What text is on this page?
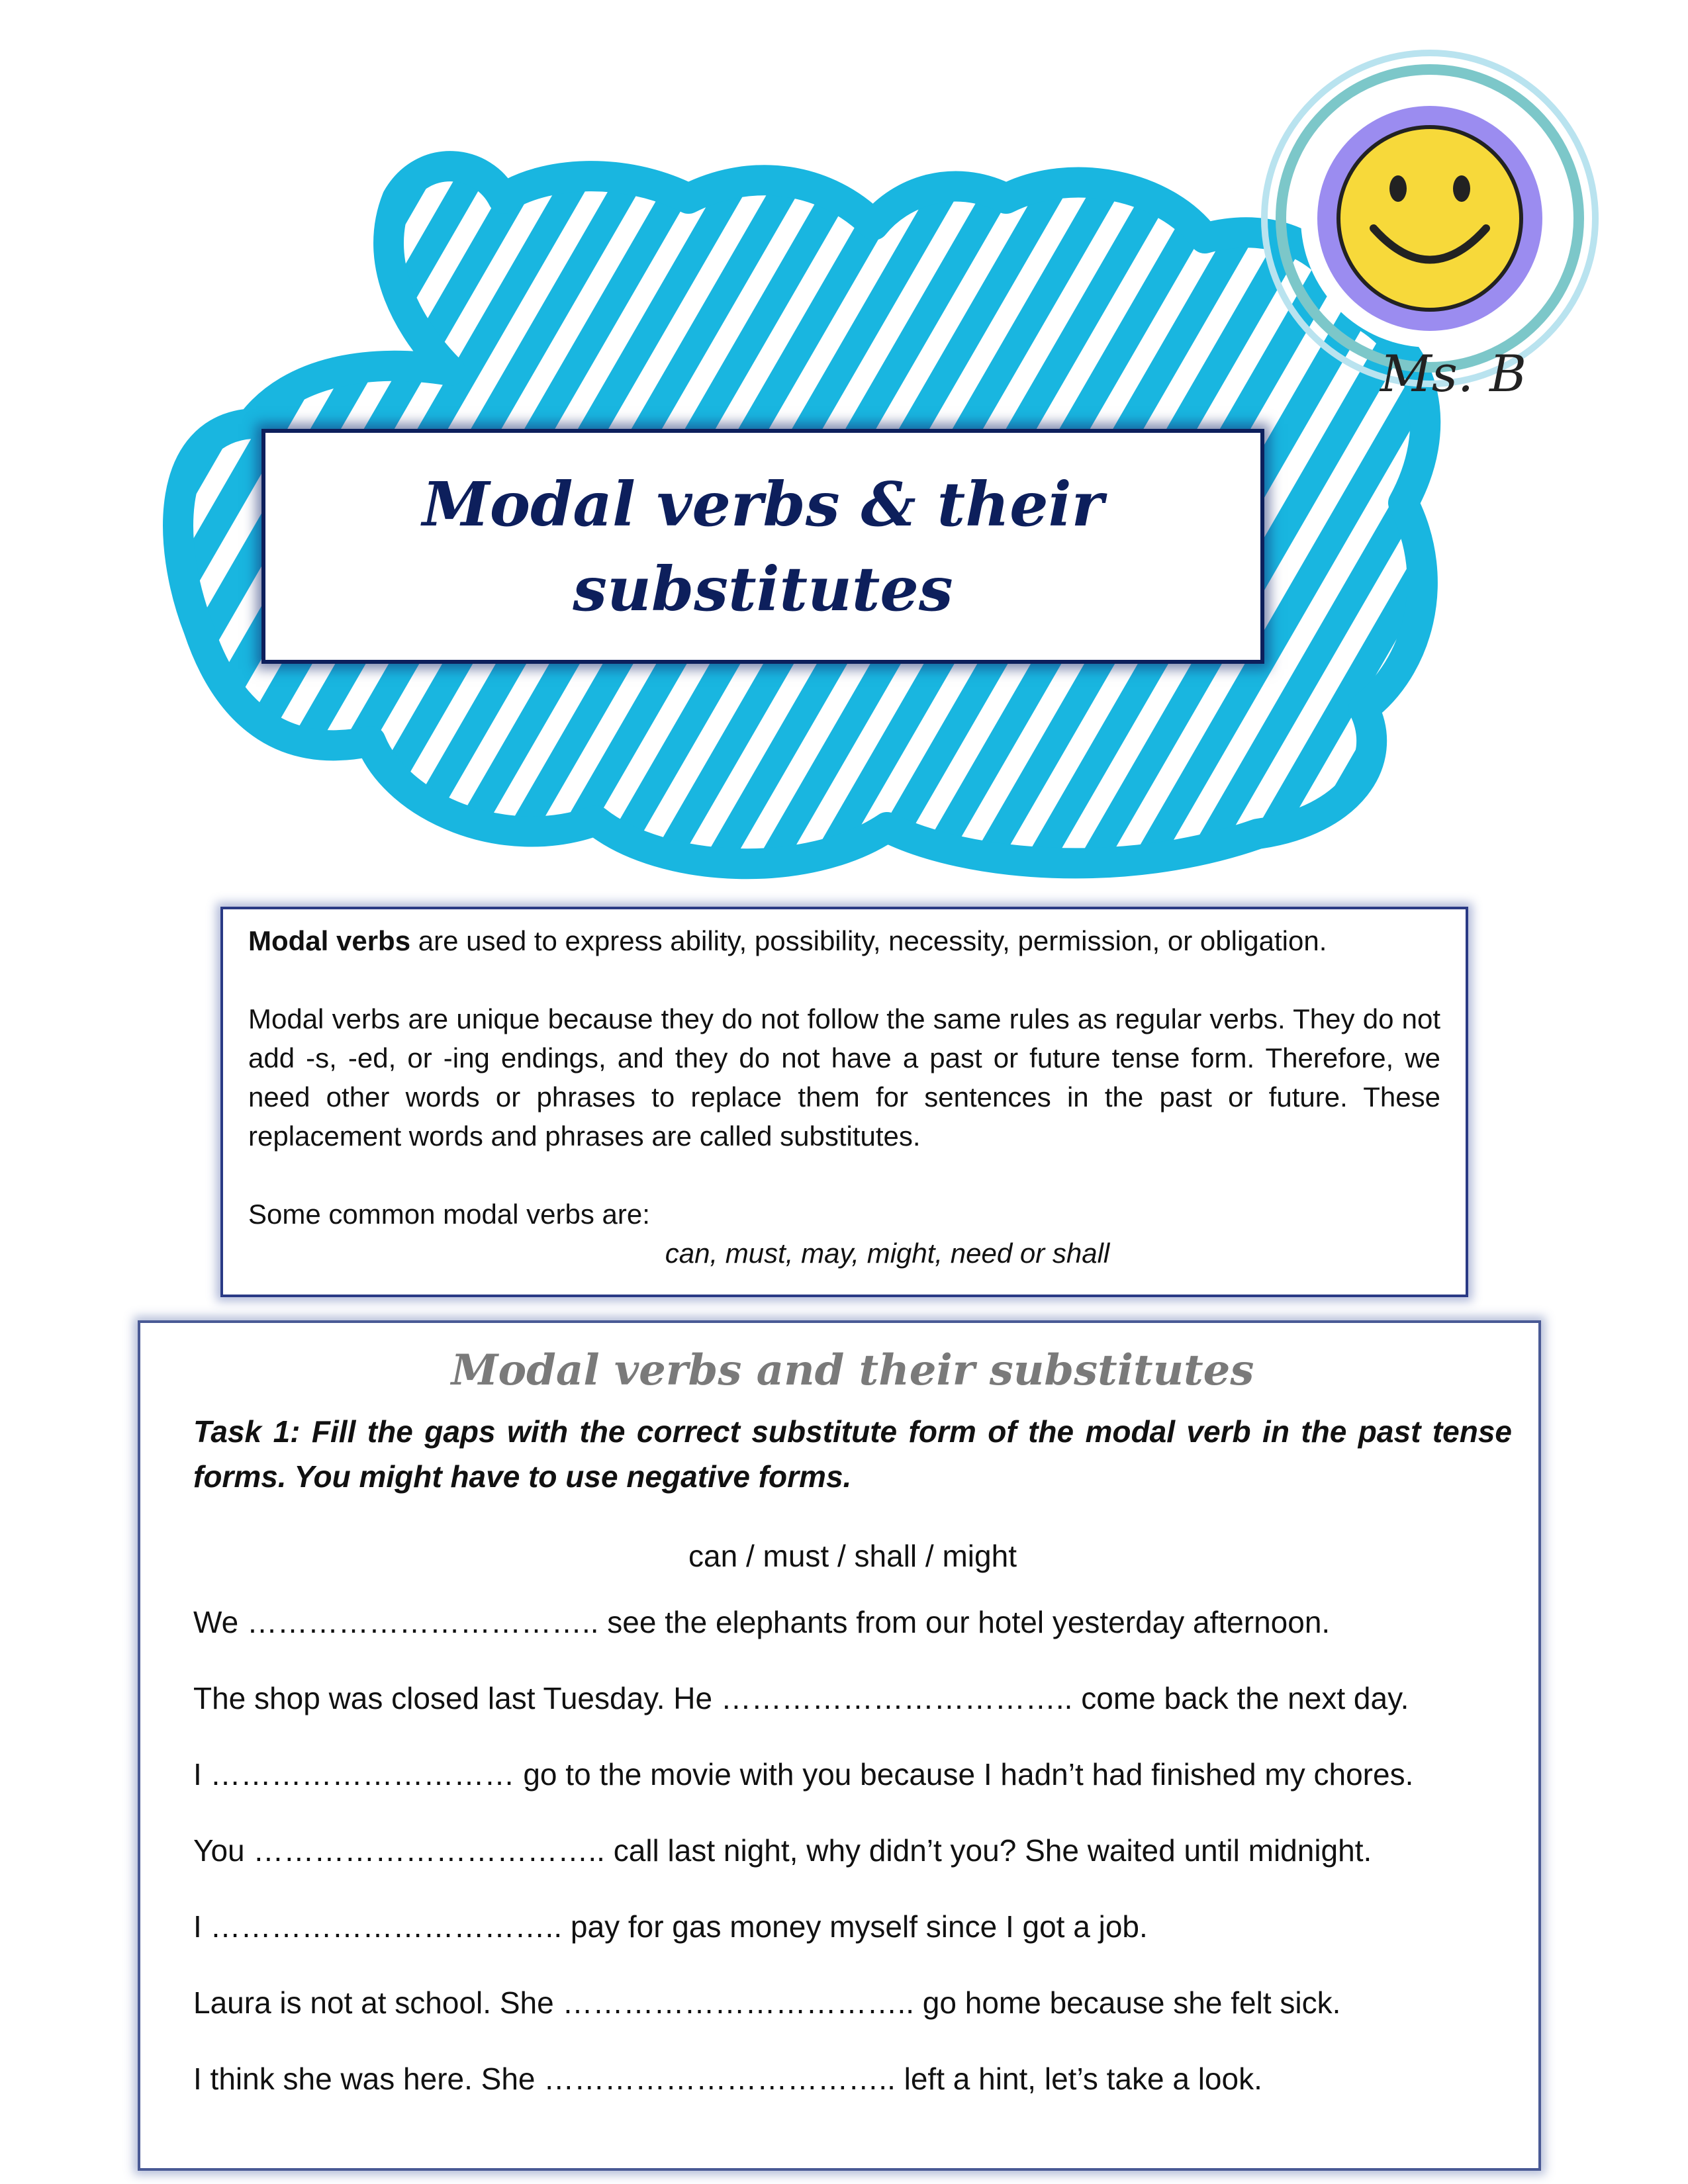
Modal verbs & their substitutes
Ms. B

Modal verbs are used to express ability, possibility, necessity, permission, or obligation.

Modal verbs are unique because they do not follow the same rules as regular verbs. They do not add -s, -ed, or -ing endings, and they do not have a past or future tense form. Therefore, we need other words or phrases to replace them for sentences in the past or future. These replacement words and phrases are called substitutes.

Some common modal verbs are:

can, must, may, might, need or shall

Modal verbs and their substitutes
Task 1: Fill the gaps with the correct substitute form of the modal verb in the past tense forms. You might have to use negative forms.
can / must / shall / might
We …………………………….. see the elephants from our hotel yesterday afternoon.
The shop was closed last Tuesday. He …………………………….. come back the next day.
I ………………………… go to the movie with you because I hadn’t had finished my chores.
You …………………………….. call last night, why didn’t you? She waited until midnight.
I …………………………….. pay for gas money myself since I got a job.
Laura is not at school. She …………………………….. go home because she felt sick.
I think she was here. She …………………………….. left a hint, let’s take a look.
